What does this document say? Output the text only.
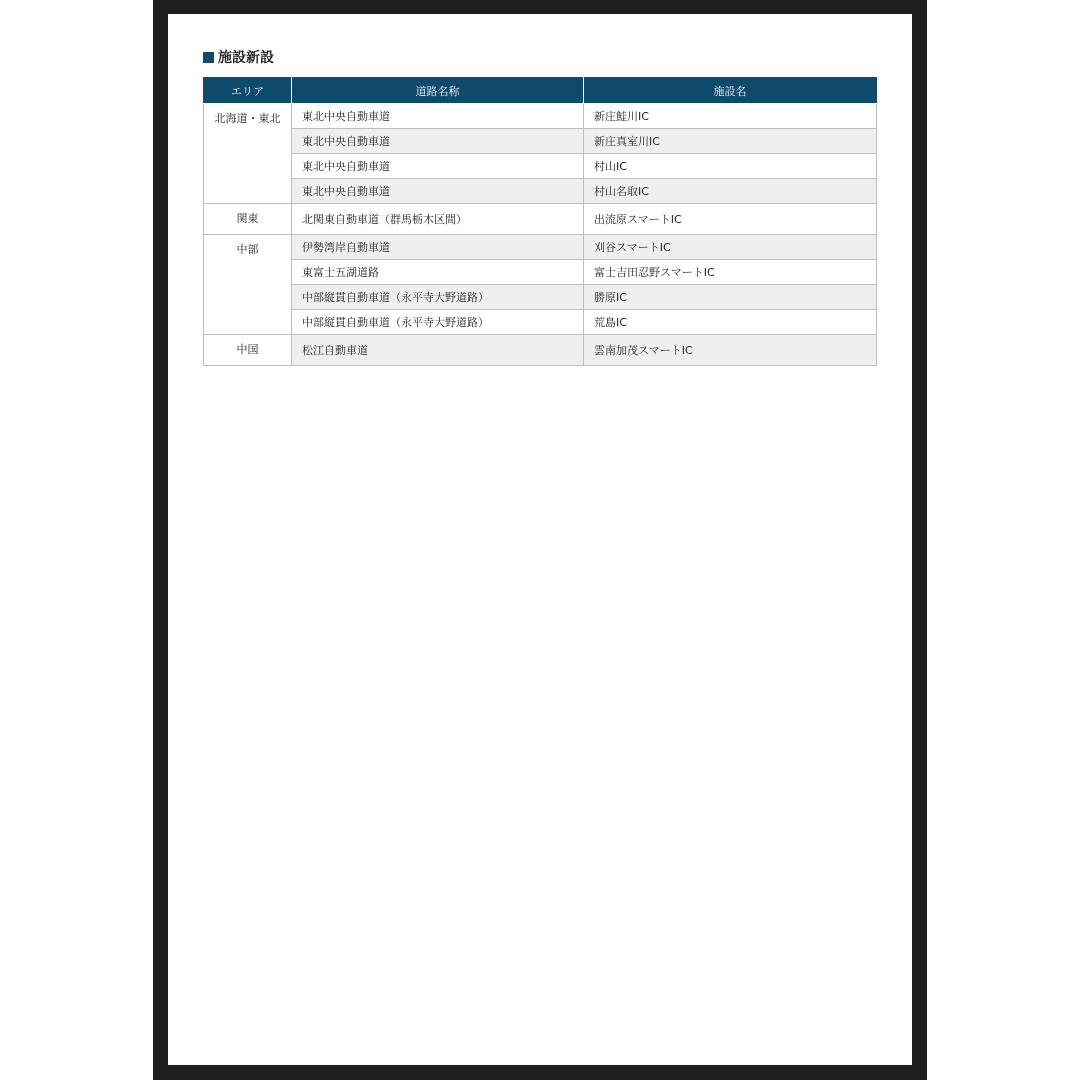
施設新設
エリア	道路名称	施設名
北海道・東北	東北中央自動車道	新庄鮭川IC
	東北中央自動車道	新庄真室川IC
	東北中央自動車道	村山IC
	東北中央自動車道	村山名取IC
関東	北関東自動車道（群馬栃木区間）	出流原スマートIC
中部	伊勢湾岸自動車道	刈谷スマートIC
	東富士五湖道路	富士吉田忍野スマートIC
	中部縦貫自動車道（永平寺大野道路）	勝原IC
	中部縦貫自動車道（永平寺大野道路）	荒島IC
中国	松江自動車道	雲南加茂スマートIC
